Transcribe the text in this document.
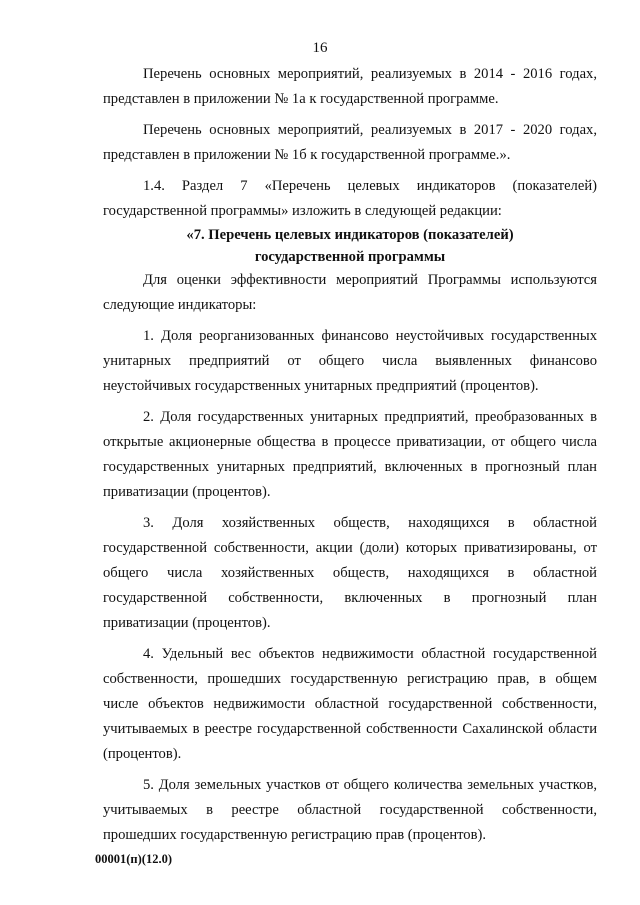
16

Перечень основных мероприятий, реализуемых в 2014 - 2016 годах, представлен в приложении № 1а к государственной программе.

Перечень основных мероприятий, реализуемых в 2017 - 2020 годах, представлен в приложении № 1б к государственной программе.».

1.4. Раздел 7 «Перечень целевых индикаторов (показателей) государственной программы» изложить в следующей редакции:

«7. Перечень целевых индикаторов (показателей)
государственной программы

Для оценки эффективности мероприятий Программы используются следующие индикаторы:

1. Доля реорганизованных финансово неустойчивых государственных унитарных предприятий от общего числа выявленных финансово неустойчивых государственных унитарных предприятий (процентов).

2. Доля государственных унитарных предприятий, преобразованных в открытые акционерные общества в процессе приватизации, от общего числа государственных унитарных предприятий, включенных в прогнозный план приватизации (процентов).

3. Доля хозяйственных обществ, находящихся в областной государственной собственности, акции (доли) которых приватизированы, от общего числа хозяйственных обществ, находящихся в областной государственной собственности, включенных в прогнозный план приватизации (процентов).

4. Удельный вес объектов недвижимости областной государственной собственности, прошедших государственную регистрацию прав, в общем числе объектов недвижимости областной государственной собственности, учитываемых в реестре государственной собственности Сахалинской области (процентов).

5. Доля земельных участков от общего количества земельных участков, учитываемых в реестре областной государственной собственности, прошедших государственную регистрацию прав (процентов).

00001(п)(12.0)
